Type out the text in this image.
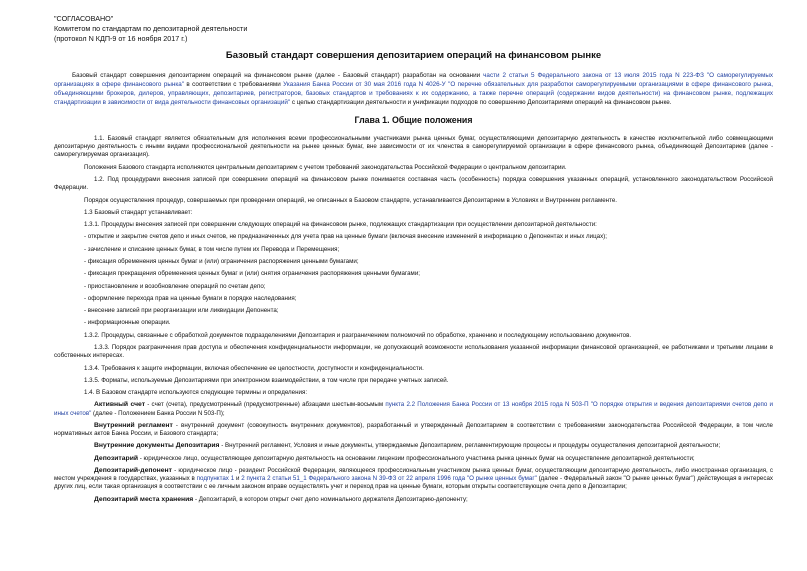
"СОГЛАСОВАНО"
Комитетом по стандартам по депозитарной деятельности
(протокол N КДП-9 от 16 ноября 2017 г.)
Базовый стандарт совершения депозитарием операций на финансовом рынке

Базовый стандарт совершения депозитарием операций на финансовом рынке (далее - Базовый стандарт) разработан на основании части 2 статьи 5 Федерального закона от 13 июля 2015 года N 223-ФЗ "О саморегулируемых организациях в сфере финансового рынка" в соответствии с требованиями Указания Банка России от 30 мая 2016 года N 4026-У "О перечне обязательных для разработки саморегулируемыми организациями в сфере финансового рынка, объединяющими брокеров, дилеров, управляющих, депозитариев, регистраторов, базовых стандартов и требованиях к их содержанию, а также перечне операций (содержании видов деятельности) на финансовом рынке, подлежащих стандартизации в зависимости от вида деятельности финансовых организаций" с целью стандартизации деятельности и унификации подходов по совершению Депозитариями операций на финансовом рынке.

Глава 1. Общие положения

1.1. Базовый стандарт является обязательным для исполнения всеми профессиональными участниками рынка ценных бумаг, осуществляющими депозитарную деятельность в качестве исключительной либо совмещающими депозитарную деятельность с иными видами профессиональной деятельности на рынке ценных бумаг, вне зависимости от их членства в саморегулируемой организации в сфере финансового рынка, объединяющей Депозитариев (далее - саморегулируемая организация).

Положения Базового стандарта исполняются центральным депозитарием с учетом требований законодательства Российской Федерации о центральном депозитарии.

1.2. Под процедурами внесения записей при совершении операций на финансовом рынке понимается составная часть (особенность) порядка совершения указанных операций, установленного законодательством Российской Федерации.

Порядок осуществления процедур, совершаемых при проведении операций, не описанных в Базовом стандарте, устанавливается Депозитарием в Условиях и Внутреннем регламенте.

1.3 Базовый стандарт устанавливает:

1.3.1. Процедуры внесения записей при совершении следующих операций на финансовом рынке, подлежащих стандартизации при осуществлении депозитарной деятельности:

- открытие и закрытие счетов депо и иных счетов, не предназначенных для учета прав на ценные бумаги (включая внесение изменений в информацию о Депонентах и иных лицах);

- зачисление и списание ценных бумаг, в том числе путем их Перевода и Перемещения;

- фиксация обременения ценных бумаг и (или) ограничения распоряжения ценными бумагами;

- фиксация прекращения обременения ценных бумаг и (или) снятия ограничения распоряжения ценными бумагами;

- приостановление и возобновление операций по счетам депо;

- оформление перехода прав на ценные бумаги в порядке наследования;

- внесение записей при реорганизации или ликвидации Депонента;

- информационные операции.

1.3.2. Процедуры, связанные с обработкой документов подразделениями Депозитария и разграничением полномочий по обработке, хранению и последующему использованию документов.

1.3.3. Порядок разграничения прав доступа и обеспечения конфиденциальности информации, не допускающий возможности использования указанной информации финансовой организацией, ее работниками и третьими лицами в собственных интересах.

1.3.4. Требования к защите информации, включая обеспечение ее целостности, доступности и конфиденциальности.

1.3.5. Форматы, используемые Депозитариями при электронном взаимодействии, в том числе при передаче учетных записей.

1.4. В Базовом стандарте используются следующие термины и определения:

Активный счет - счет (счета), предусмотренный (предусмотренные) абзацами шестым-восьмым пункта 2.2 Положения Банка России от 13 ноября 2015 года N 503-П "О порядке открытия и ведения депозитариями счетов депо и иных счетов" (далее - Положением Банка России N 503-П);

Внутренний регламент - внутренний документ (совокупность внутренних документов), разработанный и утвержденный Депозитарием в соответствии с требованиями законодательства Российской Федерации, в том числе нормативных актов Банка России, и Базового стандарта;

Внутренние документы Депозитария - Внутренний регламент, Условия и иные документы, утверждаемые Депозитарием, регламентирующие процессы и процедуры осуществления депозитарной деятельности;

Депозитарий - юридическое лицо, осуществляющее депозитарную деятельность на основании лицензии профессионального участника рынка ценных бумаг на осуществление депозитарной деятельности;

Депозитарий-депонент - юридическое лицо - резидент Российской Федерации, являющееся профессиональным участником рынка ценных бумаг, осуществляющим депозитарную деятельность, либо иностранная организация, с местом учреждения в государствах, указанных в подпунктах 1 и 2 пункта 2 статьи 51_1 Федерального закона N 39-ФЗ от 22 апреля 1996 года "О рынке ценных бумаг" (далее - Федеральный закон "О рынке ценных бумаг") действующая в интересах других лиц, если такая организация в соответствии с ее личным законом вправе осуществлять учет и переход прав на ценные бумаги, которым открыты соответствующие счета депо в Депозитарии;

Депозитарий места хранения - Депозитарий, в котором открыт счет депо номинального держателя Депозитарию-депоненту;
